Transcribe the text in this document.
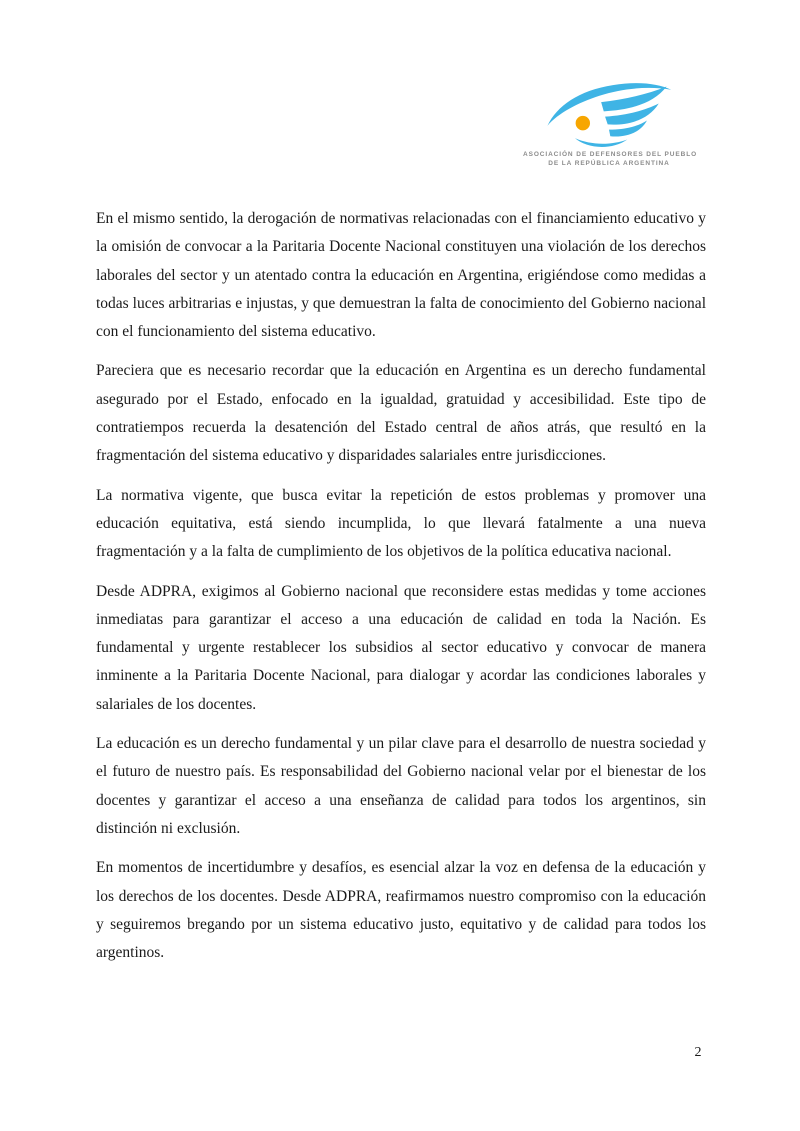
ASOCIACIÓN DE DEFENSORES DEL PUEBLO
DE LA REPÚBLICA ARGENTINA

En el mismo sentido, la derogación de normativas relacionadas con el financiamiento educativo y la omisión de convocar a la Paritaria Docente Nacional constituyen una violación de los derechos laborales del sector y un atentado contra la educación en Argentina, erigiéndose como medidas a todas luces arbitrarias e injustas, y que demuestran la falta de conocimiento del Gobierno nacional con el funcionamiento del sistema educativo.

Pareciera que es necesario recordar que la educación en Argentina es un derecho fundamental asegurado por el Estado, enfocado en la igualdad, gratuidad y accesibilidad. Este tipo de contratiempos recuerda la desatención del Estado central de años atrás, que resultó en la fragmentación del sistema educativo y disparidades salariales entre jurisdicciones.

La normativa vigente, que busca evitar la repetición de estos problemas y promover una educación equitativa, está siendo incumplida, lo que llevará fatalmente a una nueva fragmentación y a la falta de cumplimiento de los objetivos de la política educativa nacional.

Desde ADPRA, exigimos al Gobierno nacional que reconsidere estas medidas y tome acciones inmediatas para garantizar el acceso a una educación de calidad en toda la Nación. Es fundamental y urgente restablecer los subsidios al sector educativo y convocar de manera inminente a la Paritaria Docente Nacional, para dialogar y acordar las condiciones laborales y salariales de los docentes.

La educación es un derecho fundamental y un pilar clave para el desarrollo de nuestra sociedad y el futuro de nuestro país. Es responsabilidad del Gobierno nacional velar por el bienestar de los docentes y garantizar el acceso a una enseñanza de calidad para todos los argentinos, sin distinción ni exclusión.

En momentos de incertidumbre y desafíos, es esencial alzar la voz en defensa de la educación y los derechos de los docentes. Desde ADPRA, reafirmamos nuestro compromiso con la educación y seguiremos bregando por un sistema educativo justo, equitativo y de calidad para todos los argentinos.

2
